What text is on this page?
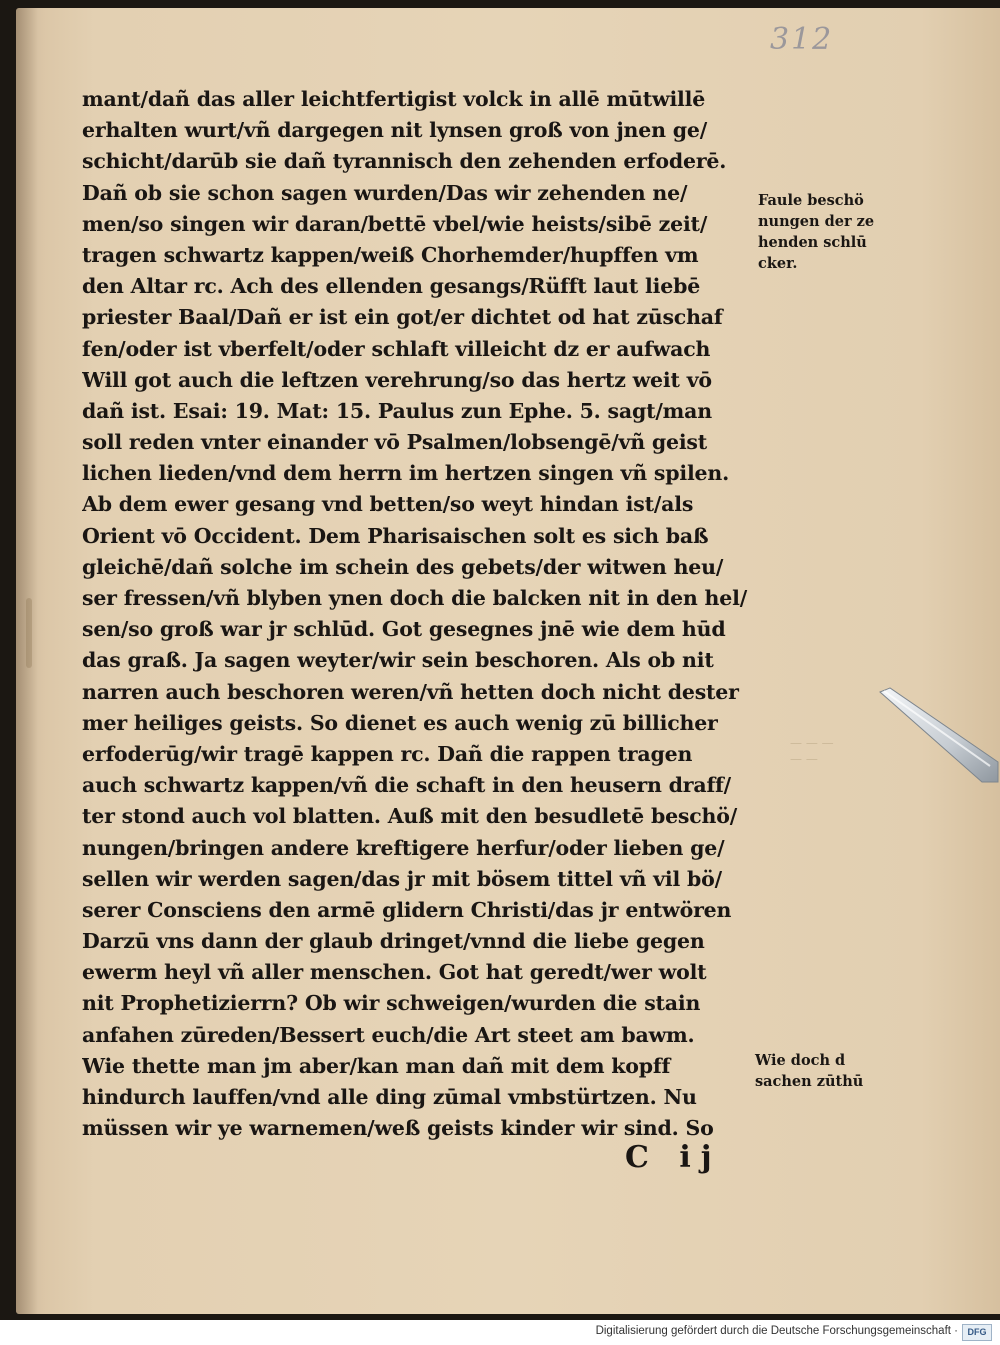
312
mant/dañ das aller leichtfertigist volck in allē mūtwillē
erhalten wurt/vñ dargegen nit lynsen groß von jnen ge/
schicht/darūb sie dañ tyrannisch den zehenden erfoderē.
Dañ ob sie schon sagen wurden/Das wir zehenden ne/
men/so singen wir daran/bettē vbel/wie heists/sibē zeit/
tragen schwartz kappen/weiß Chorhemder/hupffen vm
den Altar rc. Ach des ellenden gesangs/Rüfft laut liebē
priester Baal/Dañ er ist ein got/er dichtet od hat zūschaf
fen/oder ist vberfelt/oder schlaft villeicht dz er aufwach
Will got auch die leftzen verehrung/so das hertz weit vō
dañ ist. Esai: 19. Mat: 15. Paulus zun Ephe. 5. sagt/man
soll reden vnter einander vō Psalmen/lobsengē/vñ geist
lichen lieden/vnd dem herrn im hertzen singen vñ spilen.
Ab dem ewer gesang vnd betten/so weyt hindan ist/als
Orient vō Occident. Dem Pharisaischen solt es sich baß
gleichē/dañ solche im schein des gebets/der witwen heu/
ser fressen/vñ blyben ynen doch die balcken nit in den hel/
sen/so groß war jr schlūd. Got gesegnes jnē wie dem hūd
das graß. Ja sagen weyter/wir sein beschoren. Als ob nit
narren auch beschoren weren/vñ hetten doch nicht dester
mer heiliges geists. So dienet es auch wenig zū billicher
erfoderūg/wir tragē kappen rc. Dañ die rappen tragen
auch schwartz kappen/vñ die schaft in den heusern draff/
ter stond auch vol blatten. Auß mit den besudletē beschö/
nungen/bringen andere kreftigere herfur/oder lieben ge/
sellen wir werden sagen/das jr mit bösem tittel vñ vil bö/
serer Consciens den armē glidern Christi/das jr entwören
Darzū vns dann der glaub dringet/vnnd die liebe gegen
ewerm heyl vñ aller menschen. Got hat geredt/wer wolt
nit Prophetizierrn? Ob wir schweigen/wurden die stain
anfahen zūreden/Bessert euch/die Art steet am bawm.
Wie thette man jm aber/kan man dañ mit dem kopff
hindurch lauffen/vnd alle ding zūmal vmbstürtzen. Nu
müssen wir ye warnemen/weß geists kinder wir sind. So
Faule beschö
nungen der ze
henden schlū
cker.
Wie doch d
sachen zūthū
— — —
— —
C ij
Digitalisierung gefördert durch die Deutsche Forschungsgemeinschaft ·	DFG
